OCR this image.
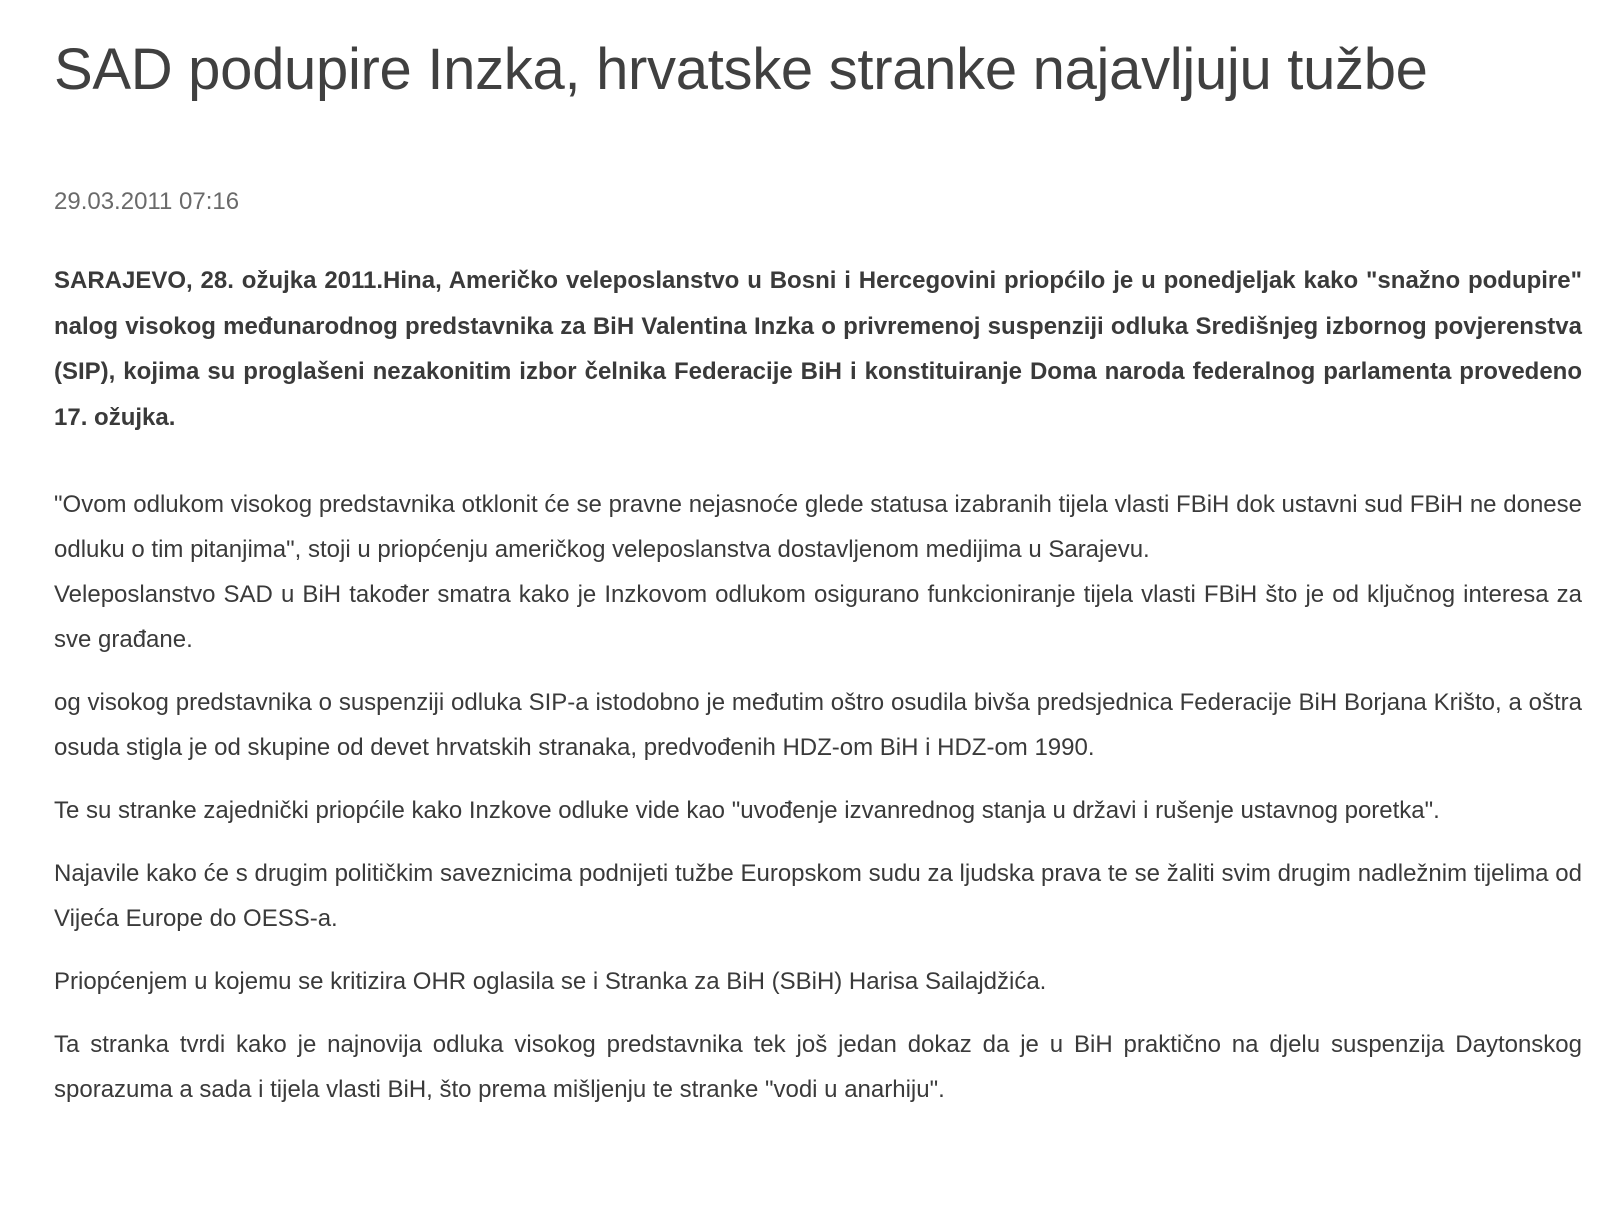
SAD podupire Inzka, hrvatske stranke najavljuju tužbe
29.03.2011 07:16

SARAJEVO, 28. ožujka 2011.Hina, Američko veleposlanstvo u Bosni i Hercegovini priopćilo je u ponedjeljak kako "snažno podupire" nalog visokog međunarodnog predstavnika za BiH Valentina Inzka o privremenoj suspenziji odluka Središnjeg izbornog povjerenstva (SIP), kojima su proglašeni nezakonitim izbor čelnika Federacije BiH i konstituiranje Doma naroda federalnog parlamenta provedeno 17. ožujka.

"Ovom odlukom visokog predstavnika otklonit će se pravne nejasnoće glede statusa izabranih tijela vlasti FBiH dok ustavni sud FBiH ne donese odluku o tim pitanjima", stoji u priopćenju američkog veleposlanstva dostavljenom medijima u Sarajevu.

Veleposlanstvo SAD u BiH također smatra kako je Inzkovom odlukom osigurano funkcioniranje tijela vlasti FBiH što je od ključnog interesa za sve građane.

og visokog predstavnika o suspenziji odluka SIP-a istodobno je međutim oštro osudila bivša predsjednica Federacije BiH Borjana Krišto, a oštra osuda stigla je od skupine od devet hrvatskih stranaka, predvođenih HDZ-om BiH i HDZ-om 1990.

Te su stranke zajednički priopćile kako Inzkove odluke vide kao "uvođenje izvanrednog stanja u državi i rušenje ustavnog poretka".

Najavile kako će s drugim političkim saveznicima podnijeti tužbe Europskom sudu za ljudska prava te se žaliti svim drugim nadležnim tijelima od Vijeća Europe do OESS-a.

Priopćenjem u kojemu se kritizira OHR oglasila se i Stranka za BiH (SBiH) Harisa Sailajdžića.

Ta stranka tvrdi kako je najnovija odluka visokog predstavnika tek još jedan dokaz da je u BiH praktično na djelu suspenzija Daytonskog sporazuma a sada i tijela vlasti BiH, što prema mišljenju te stranke "vodi u anarhiju".
